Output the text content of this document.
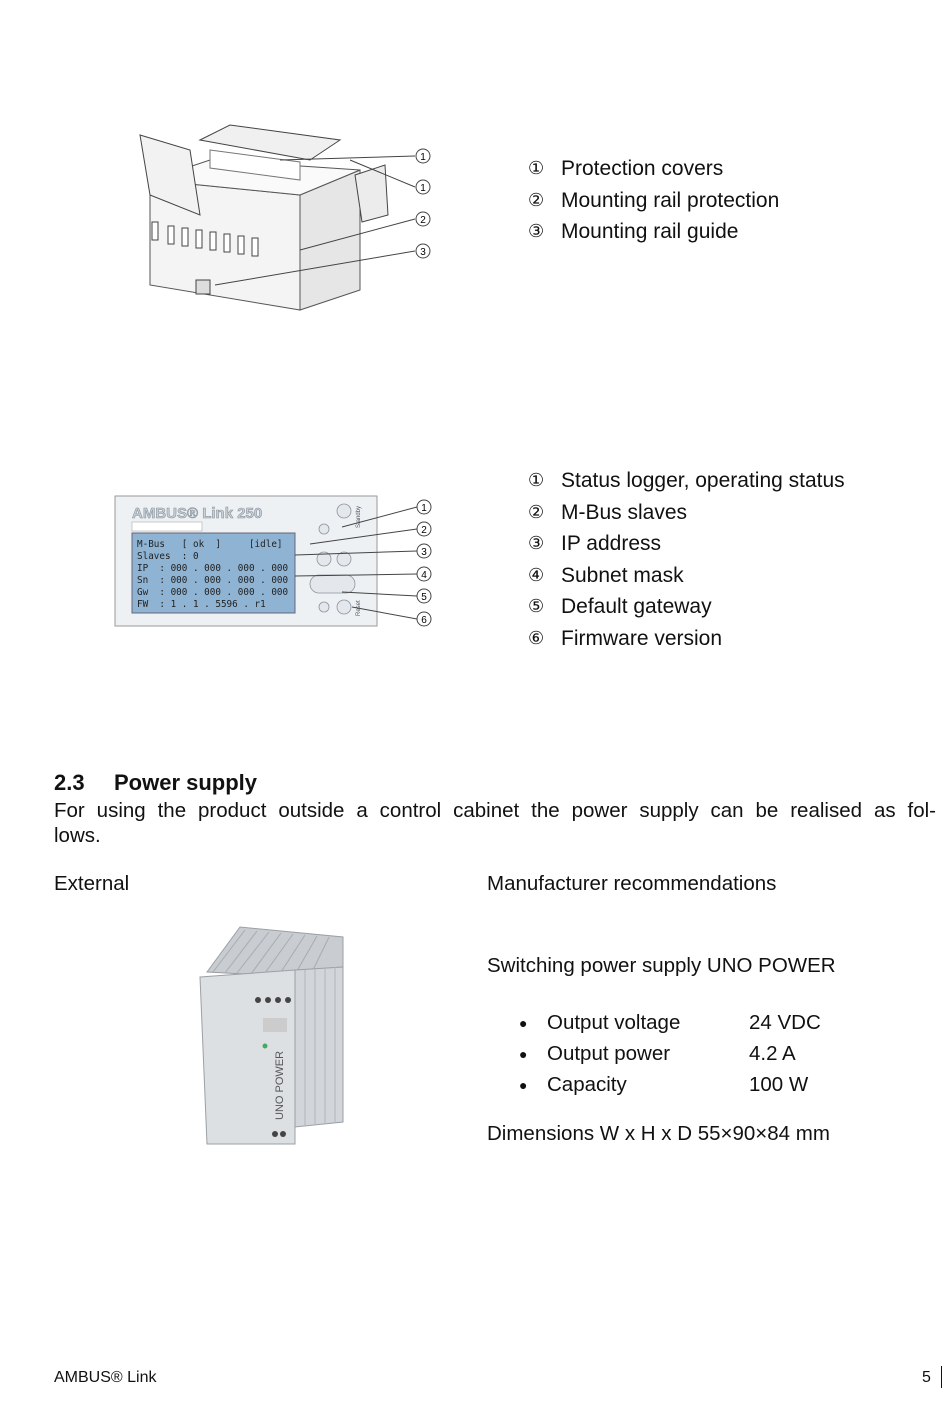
1
1
2
3
① Protection covers
② Mounting rail protection
③ Mounting rail guide
AMBUS® Link 250
M-Bus   [ ok  ]     [idle]
Slaves  : 0
IP  : 000 . 000 . 000 . 000
Sn  : 000 . 000 . 000 . 000
Gw  : 000 . 000 . 000 . 000
FW  : 1 . 1 . 5596 . r1
Standby
Reset
1
2
3
4
5
6
① Status logger, operating status
② M-Bus slaves
③ IP address
④ Subnet mask
⑤ Default gateway
⑥ Firmware version
2.3 Power supply
For using the product outside a control cabinet the power supply can be realised as fol-
lows.
External	Manufacturer recommendations
UNO POWER
Switching power supply UNO POWER
● Output voltage	24 VDC
● Output power	4.2 A
● Capacity	100 W
Dimensions W x H x D 55×90×84 mm
AMBUS® Link	5
